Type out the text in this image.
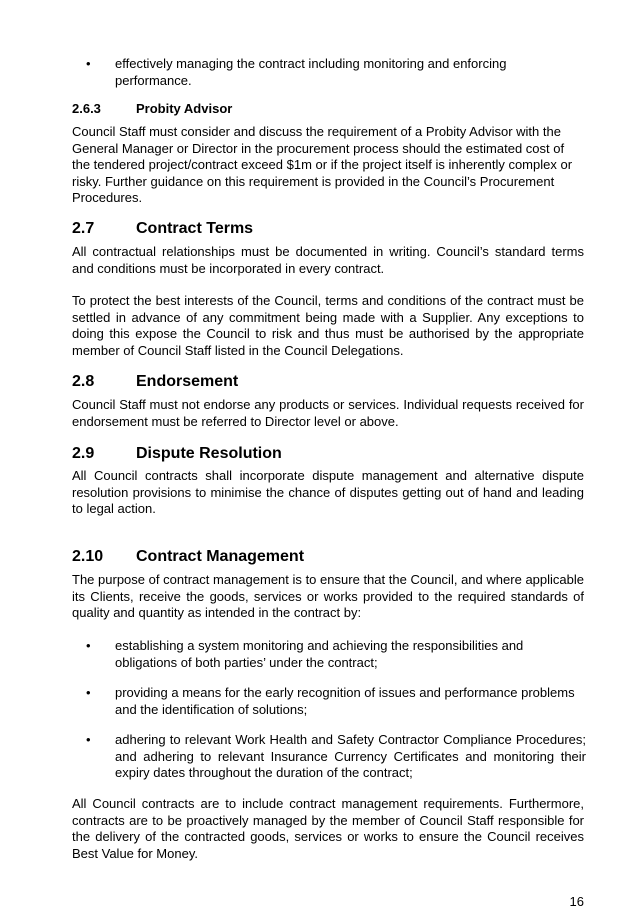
•	effectively managing the contract including monitoring and enforcing performance.
2.6.3	Probity Advisor

Council Staff must consider and discuss the requirement of a Probity Advisor with the General Manager or Director in the procurement process should the estimated cost of the tendered project/contract exceed $1m or if the project itself is inherently complex or risky. Further guidance on this requirement is provided in the Council’s Procurement Procedures.

2.7	Contract Terms

All contractual relationships must be documented in writing. Council’s standard terms and conditions must be incorporated in every contract.

To protect the best interests of the Council, terms and conditions of the contract must be settled in advance of any commitment being made with a Supplier. Any exceptions to doing this expose the Council to risk and thus must be authorised by the appropriate member of Council Staff listed in the Council Delegations.

2.8	Endorsement

Council Staff must not endorse any products or services. Individual requests received for endorsement must be referred to Director level or above.

2.9	Dispute Resolution

All Council contracts shall incorporate dispute management and alternative dispute resolution provisions to minimise the chance of disputes getting out of hand and leading to legal action.

2.10 Contract Management

The purpose of contract management is to ensure that the Council, and where applicable its Clients, receive the goods, services or works provided to the required standards of quality and quantity as intended in the contract by:

•	establishing a system monitoring and achieving the responsibilities and obligations of both parties’ under the contract;
•	providing a means for the early recognition of issues and performance problems and the identification of solutions;
•	adhering to relevant Work Health and Safety Contractor Compliance Procedures; and adhering to relevant Insurance Currency Certificates and monitoring their expiry dates throughout the duration of the contract;

All Council contracts are to include contract management requirements. Furthermore, contracts are to be proactively managed by the member of Council Staff responsible for the delivery of the contracted goods, services or works to ensure the Council receives Best Value for Money.

16
